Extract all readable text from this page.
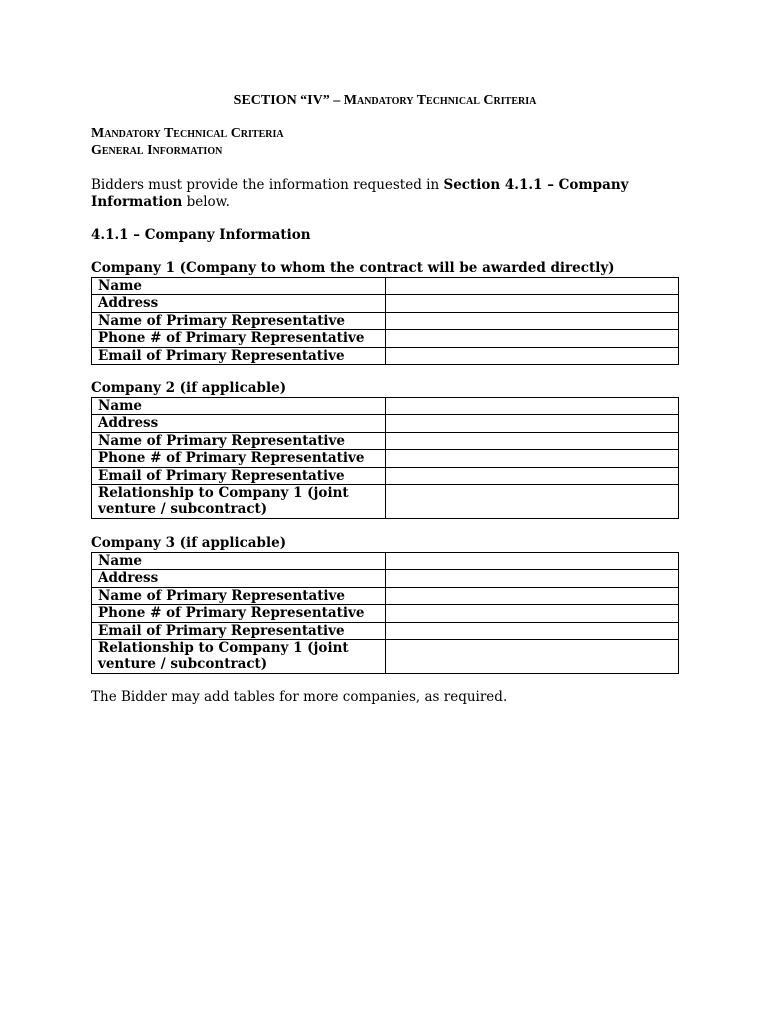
SECTION “IV” – Mandatory Technical Criteria

Mandatory Technical Criteria

General Information

Bidders must provide the information requested in Section 4.1.1 – Company Information below.

4.1.1 – Company Information

Company 1 (Company to whom the contract will be awarded directly)

Name	
Address	
Name of Primary Representative	
Phone # of Primary Representative	
Email of Primary Representative	

Company 2 (if applicable)

Name	
Address	
Name of Primary Representative	
Phone # of Primary Representative	
Email of Primary Representative	
Relationship to Company 1 (joint venture / subcontract)	

Company 3 (if applicable)

Name	
Address	
Name of Primary Representative	
Phone # of Primary Representative	
Email of Primary Representative	
Relationship to Company 1 (joint venture / subcontract)	

The Bidder may add tables for more companies, as required.
